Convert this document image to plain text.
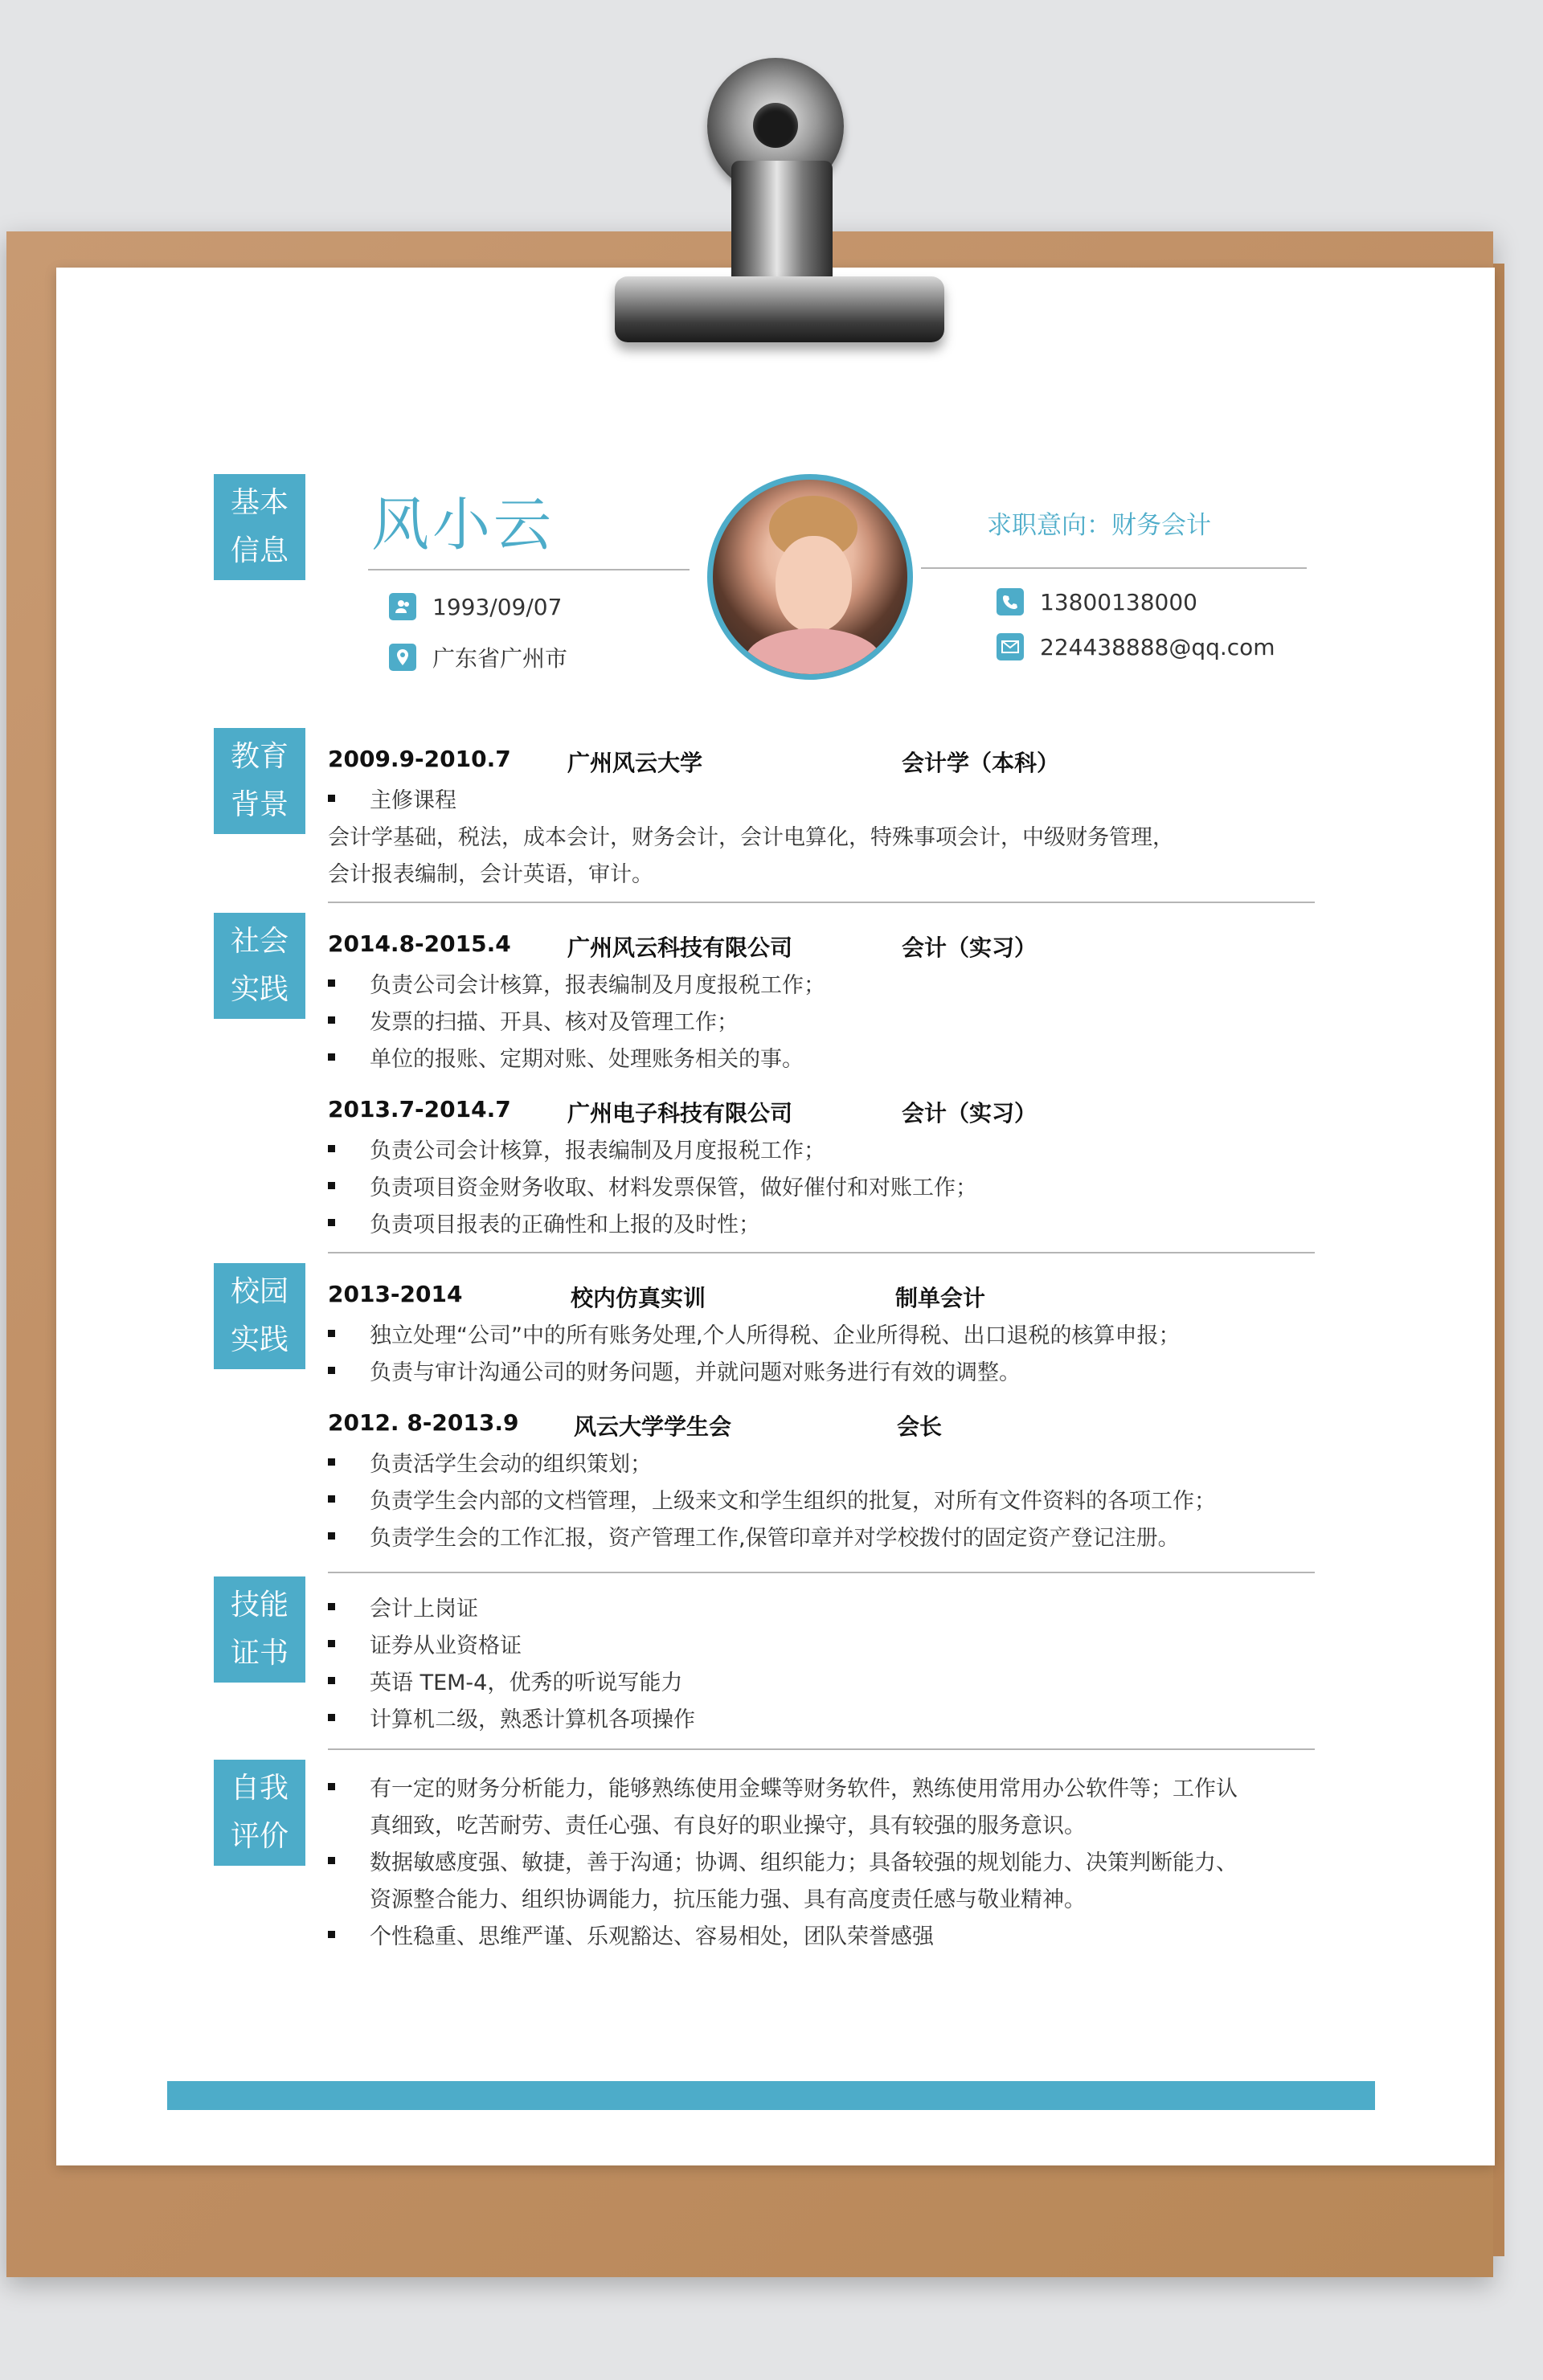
基本
信息 风小云	求职意向：财务会计
1993/09/07
广东省广州市
13800138000
224438888@qq.com
教育
背景
2009.9-2010.7	广州风云大学	会计学（本科）
主修课程
会计学基础，税法，成本会计，财务会计，会计电算化，特殊事项会计，中级财务管理，
会计报表编制，会计英语，审计。
社会
实践
2014.8-2015.4	广州风云科技有限公司	会计（实习）
负责公司会计核算，报表编制及月度报税工作；
发票的扫描、开具、核对及管理工作；
单位的报账、定期对账、处理账务相关的事。
2013.7-2014.7	广州电子科技有限公司	会计（实习）
负责公司会计核算，报表编制及月度报税工作；
负责项目资金财务收取、材料发票保管，做好催付和对账工作；
负责项目报表的正确性和上报的及时性；
校园
实践
2013-2014	校内仿真实训	制单会计
独立处理“公司”中的所有账务处理,个人所得税、企业所得税、出口退税的核算申报；
负责与审计沟通公司的财务问题，并就问题对账务进行有效的调整。
2012. 8-2013.9 风云大学学生会	会长
负责活学生会动的组织策划；
负责学生会内部的文档管理，上级来文和学生组织的批复，对所有文件资料的各项工作；
负责学生会的工作汇报，资产管理工作,保管印章并对学校拨付的固定资产登记注册。
技能
证书
会计上岗证
证券从业资格证
英语 TEM-4，优秀的听说写能力
计算机二级，熟悉计算机各项操作
自我
评价
有一定的财务分析能力，能够熟练使用金蝶等财务软件，熟练使用常用办公软件等；工作认真细致，吃苦耐劳、责任心强、有良好的职业操守，具有较强的服务意识。
数据敏感度强、敏捷，善于沟通；协调、组织能力；具备较强的规划能力、决策判断能力、资源整合能力、组织协调能力，抗压能力强、具有高度责任感与敬业精神。
个性稳重、思维严谨、乐观豁达、容易相处，团队荣誉感强
